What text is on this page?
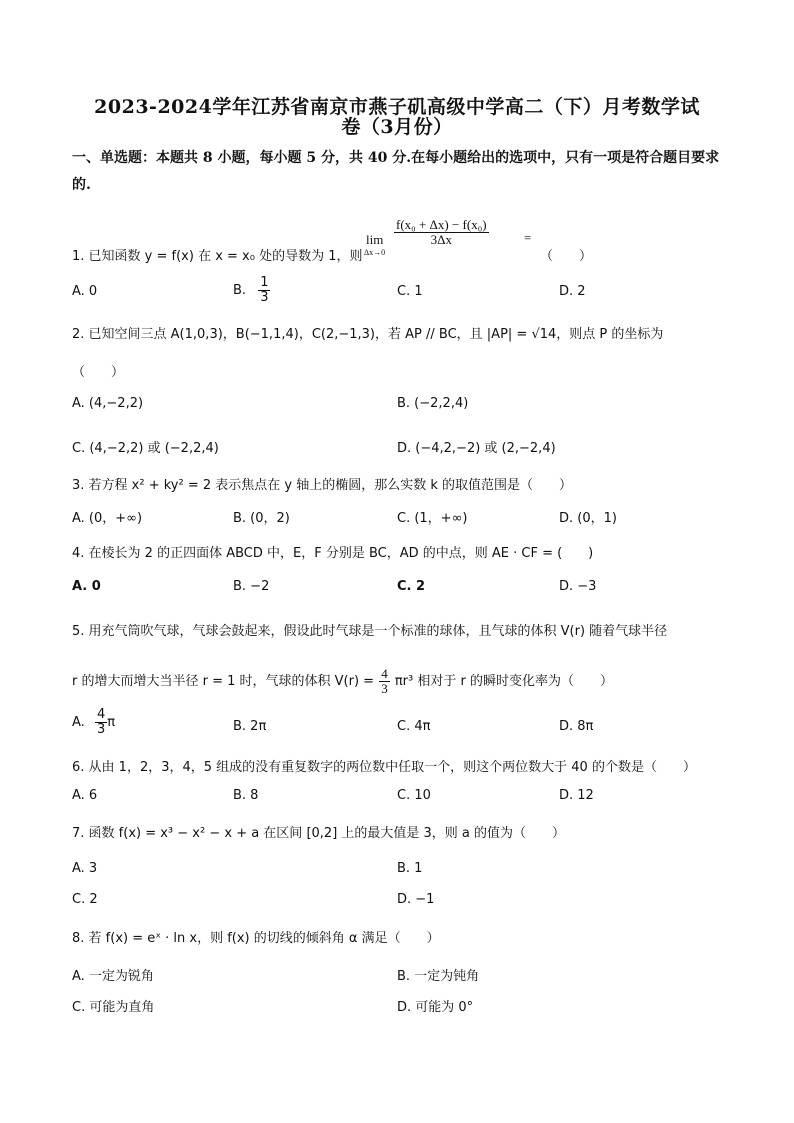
2023-2024学年江苏省南京市燕子矶高级中学高二（下）月考数学试
卷（3月份）
一、单选题：本题共 8 小题，每小题 5 分，共 40 分.在每小题给出的选项中，只有一项是符合题目要求的.
1. 已知函数 y = f(x) 在 x = x₀ 处的导数为 1，则
lim
Δx→0
$\frac{\text{f(x₀ + Δx) − f(x₀)}}{3\Delta x}$	=
（　　）
A. 0	B. $\frac{1}{3}$	C. 1	D. 2
2. 已知空间三点 A(1,0,3)，B(−1,1,4)，C(2,−1,3)，若 AP // BC，且 |AP| = √14，则点 P 的坐标为
（　　）
A. (4,−2,2)	B. (−2,2,4)
C. (4,−2,2) 或 (−2,2,4)	D. (−4,2,−2) 或 (2,−2,4)
3. 若方程 x² + ky² = 2 表示焦点在 y 轴上的椭圆，那么实数 k 的取值范围是（　　）
A. (0，+∞)	B. (0，2)	C. (1，+∞)	D. (0，1)
4. 在棱长为 2 的正四面体 ABCD 中，E，F 分别是 BC，AD 的中点，则 AE · CF = (　　)
A. 0	B. −2	C. 2	D. −3
5. 用充气筒吹气球，气球会鼓起来，假设此时气球是一个标准的球体，且气球的体积 V(r) 随着气球半径
r 的增大而增大当半径 r = 1 时，气球的体积 $V(r) = \frac{4}{3} \pi r^3$ 相对于 r 的瞬时变化率为（　　）
A. $\frac{4}{3}$ π	B. 2π	C. 4π	D. 8π
6. 从由 1，2，3，4，5 组成的没有重复数字的两位数中任取一个，则这个两位数大于 40 的个数是（　　）
A. 6	B. 8	C. 10	D. 12
7. 函数 f(x) = x³ − x² − x + a 在区间 [0,2] 上的最大值是 3，则 a 的值为（　　）
A. 3	B. 1
C. 2	D. −1
8. 若 f(x) = eˣ · ln x，则 f(x) 的切线的倾斜角 α 满足（　　）
A. 一定为锐角	B. 一定为钝角
C. 可能为直角	D. 可能为 0°
